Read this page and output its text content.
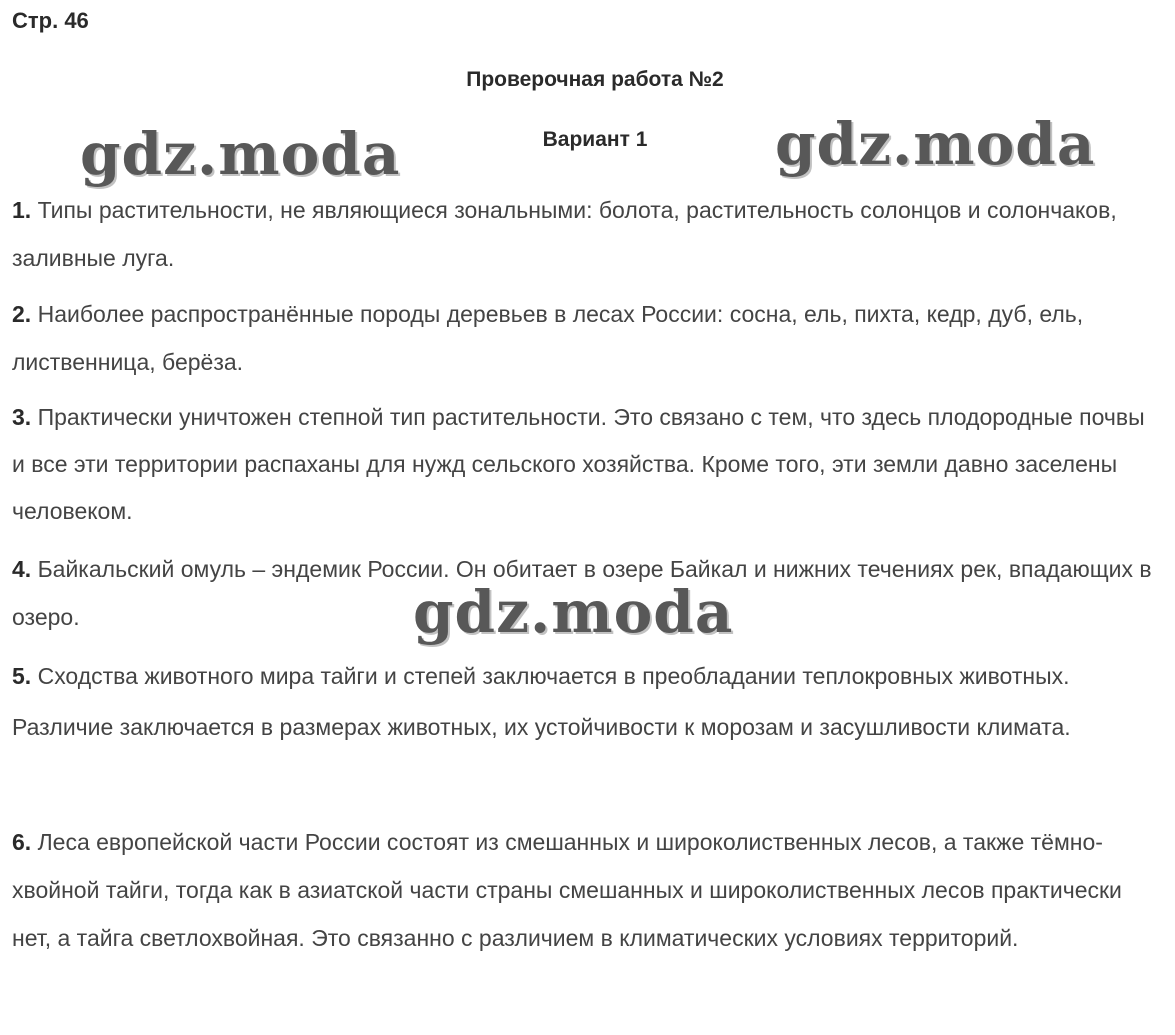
Стр. 46
Проверочная работа №2
Вариант 1

1. Типы растительности, не являющиеся зональными: болота, растительность солонцов и солончаков, заливные луга.

2. Наиболее распространённые породы деревьев в лесах России: сосна, ель, пихта, кедр, дуб, ель, лиственница, берёза.

3. Практически уничтожен степной тип растительности. Это связано с тем, что здесь плодородные почвы и все эти территории распаханы для нужд сельского хозяйства. Кроме того, эти земли давно заселены человеком.

4. Байкальский омуль – эндемик России. Он обитает в озере Байкал и нижних течениях рек, впадающих в озеро.

5. Сходства животного мира тайги и степей заключается в преобладании теплокровных животных. Различие заключается в размерах животных, их устойчивости к морозам и засушливости климата.

6. Леса европейской части России состоят из смешанных и широколиственных лесов, а также тёмно-хвойной тайги, тогда как в азиатской части страны смешанных и широколиственных лесов практически нет, а тайга светлохвойная. Это связанно с различием в климатических условиях территорий.

gdz.moda	gdz.moda
gdz.moda
